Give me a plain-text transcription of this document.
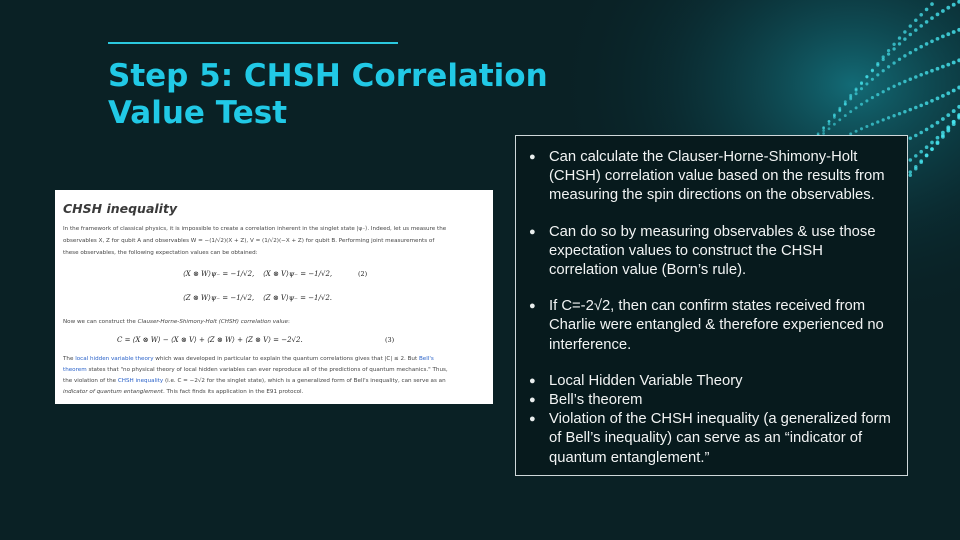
Step 5: CHSH Correlation
Value Test
CHSH inequality
In the framework of classical physics, it is impossible to create a correlation inherent in the singlet state |ψ₋⟩. Indeed, let us measure the
observables X, Z for qubit A and observables W = −(1/√2)(X + Z), V = (1/√2)(−X + Z) for qubit B. Performing joint measurements of
these observables, the following expectation values can be obtained:
⟨X ⊗ W⟩ψ₋ = −1/√2, ⟨X ⊗ V⟩ψ₋ = −1/√2,	(2)
⟨Z ⊗ W⟩ψ₋ = −1/√2, ⟨Z ⊗ V⟩ψ₋ = −1/√2.
Now we can construct the Clauser-Horne-Shimony-Holt (CHSH) correlation value:
C = ⟨X ⊗ W⟩ − ⟨X ⊗ V⟩ + ⟨Z ⊗ W⟩ + ⟨Z ⊗ V⟩ = −2√2.	(3)
The local hidden variable theory which was developed in particular to explain the quantum correlations gives that |C| ≤ 2. But Bell's
theorem states that "no physical theory of local hidden variables can ever reproduce all of the predictions of quantum mechanics." Thus,
the violation of the CHSH inequality (i.e. C = −2√2 for the singlet state), which is a generalized form of Bell's inequality, can serve as an
indicator of quantum entanglement. This fact finds its application in the E91 protocol.
● Can calculate the Clauser-Horne-Shimony-Holt (CHSH) correlation value based on the results from measuring the spin directions on the observables.
● Can do so by measuring observables & use those expectation values to construct the CHSH correlation value (Born’s rule).
● If C=-2√2, then can confirm states received from Charlie were entangled & therefore experienced no interference.
● Local Hidden Variable Theory
● Bell’s theorem
● Violation of the CHSH inequality (a generalized form of Bell’s inequality) can serve as an “indicator of quantum entanglement.”
